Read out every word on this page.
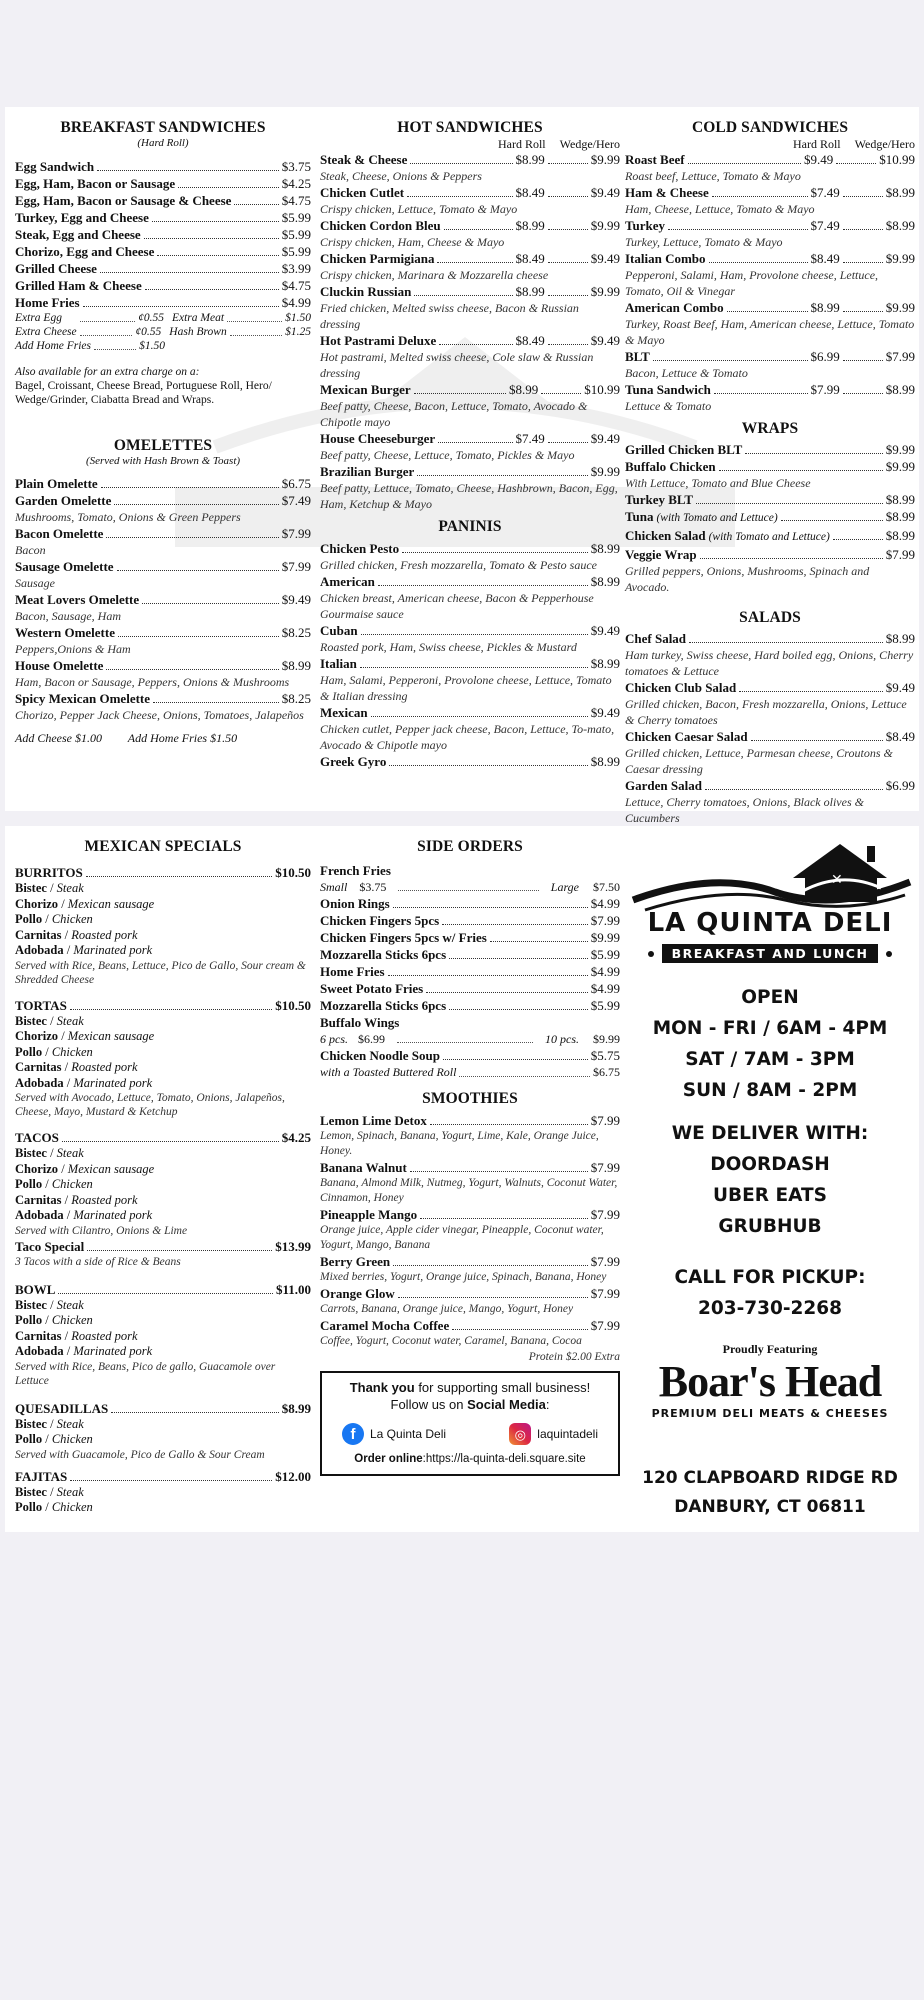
BREAKFAST SANDWICHES
(Hard Roll)
Egg Sandwich	$3.75
Egg, Ham, Bacon or Sausage	$4.25
Egg, Ham, Bacon or Sausage & Cheese	$4.75
Turkey, Egg and Cheese	$5.99
Steak, Egg and Cheese	$5.99
Chorizo, Egg and Cheese	$5.99
Grilled Cheese	$3.99
Grilled Ham & Cheese	$4.75
Home Fries	$4.99
Extra Egg	¢0.55 Extra Meat	$1.50
Extra Cheese	¢0.55 Hash Brown	$1.25
Add Home Fries	$1.50
Also available for an extra charge on a:
Bagel, Croissant, Cheese Bread, Portuguese Roll, Hero/ Wedge/Grinder, Ciabatta Bread and Wraps.
OMELETTES
(Served with Hash Brown & Toast)
Plain Omelette	$6.75
Garden Omelette	$7.49
Mushrooms, Tomato, Onions & Green Peppers
Bacon Omelette	$7.99
Bacon
Sausage Omelette	$7.99
Sausage
Meat Lovers Omelette	$9.49
Bacon, Sausage, Ham
Western Omelette	$8.25
Peppers,Onions & Ham
House Omelette	$8.99
Ham, Bacon or Sausage, Peppers, Onions & Mushrooms
Spicy Mexican Omelette	$8.25
Chorizo, Pepper Jack Cheese, Onions, Tomatoes, Jalapeños
Add Cheese $1.00 Add Home Fries $1.50
HOT SANDWICHES
Hard Roll Wedge/Hero
Steak & Cheese	$8.99	$9.99
Steak, Cheese, Onions & Peppers
Chicken Cutlet	$8.49	$9.49
Crispy chicken, Lettuce, Tomato & Mayo
Chicken Cordon Bleu	$8.99	$9.99
Crispy chicken, Ham, Cheese & Mayo
Chicken Parmigiana	$8.49	$9.49
Crispy chicken, Marinara & Mozzarella cheese
Cluckin Russian	$8.99	$9.99
Fried chicken, Melted swiss cheese, Bacon & Russian dressing
Hot Pastrami Deluxe	$8.49	$9.49
Hot pastrami, Melted swiss cheese, Cole slaw & Russian dressing
Mexican Burger	$8.99	$10.99
Beef patty, Cheese, Bacon, Lettuce, Tomato, Avocado & Chipotle mayo
House Cheeseburger	$7.49	$9.49
Beef patty, Cheese, Lettuce, Tomato, Pickles & Mayo
Brazilian Burger	$9.99
Beef patty, Lettuce, Tomato, Cheese, Hashbrown, Bacon, Egg, Ham, Ketchup & Mayo
PANINIS
Chicken Pesto	$8.99
Grilled chicken, Fresh mozzarella, Tomato & Pesto sauce
American	$8.99
Chicken breast, American cheese, Bacon & Pepperhouse Gourmaise sauce
Cuban	$9.49
Roasted pork, Ham, Swiss cheese, Pickles & Mustard
Italian	$8.99
Ham, Salami, Pepperoni, Provolone cheese, Lettuce, Tomato & Italian dressing
Mexican	$9.49
Chicken cutlet, Pepper jack cheese, Bacon, Lettuce, To-mato, Avocado & Chipotle mayo
Greek Gyro	$8.99
COLD SANDWICHES
Hard Roll Wedge/Hero
Roast Beef	$9.49	$10.99
Roast beef, Lettuce, Tomato & Mayo
Ham & Cheese	$7.49	$8.99
Ham, Cheese, Lettuce, Tomato & Mayo
Turkey	$7.49	$8.99
Turkey, Lettuce, Tomato & Mayo
Italian Combo	$8.49	$9.99
Pepperoni, Salami, Ham, Provolone cheese, Lettuce, Tomato, Oil & Vinegar
American Combo	$8.99	$9.99
Turkey, Roast Beef, Ham, American cheese, Lettuce, Tomato & Mayo
BLT	$6.99	$7.99
Bacon, Lettuce & Tomato
Tuna Sandwich	$7.99	$8.99
Lettuce & Tomato
WRAPS
Grilled Chicken BLT	$9.99
Buffalo Chicken	$9.99
With Lettuce, Tomato and Blue Cheese
Turkey BLT	$8.99
Tuna (with Tomato and Lettuce)	$8.99
Chicken Salad (with Tomato and Lettuce)	$8.99
Veggie Wrap	$7.99
Grilled peppers, Onions, Mushrooms, Spinach and Avocado.
SALADS
Chef Salad	$8.99
Ham turkey, Swiss cheese, Hard boiled egg, Onions, Cherry tomatoes & Lettuce
Chicken Club Salad	$9.49
Grilled chicken, Bacon, Fresh mozzarella, Onions, Lettuce & Cherry tomatoes
Chicken Caesar Salad	$8.49
Grilled chicken, Lettuce, Parmesan cheese, Croutons & Caesar dressing
Garden Salad	$6.99
Lettuce, Cherry tomatoes, Onions, Black olives & Cucumbers
MEXICAN SPECIALS
BURRITOS	$10.50
Bistec / Steak
Chorizo / Mexican sausage
Pollo / Chicken
Carnitas / Roasted pork
Adobada / Marinated pork
Served with Rice, Beans, Lettuce, Pico de Gallo, Sour cream & Shredded Cheese
TORTAS	$10.50
Bistec / Steak
Chorizo / Mexican sausage
Pollo / Chicken
Carnitas / Roasted pork
Adobada / Marinated pork
Served with Avocado, Lettuce, Tomato, Onions, Jalapeños, Cheese, Mayo, Mustard & Ketchup
TACOS	$4.25
Bistec / Steak
Chorizo / Mexican sausage
Pollo / Chicken
Carnitas / Roasted pork
Adobada / Marinated pork
Served with Cilantro, Onions & Lime
Taco Special	$13.99
3 Tacos with a side of Rice & Beans
BOWL	$11.00
Bistec / Steak
Pollo / Chicken
Carnitas / Roasted pork
Adobada / Marinated pork
Served with Rice, Beans, Pico de gallo, Guacamole over Lettuce
QUESADILLAS	$8.99
Bistec / Steak
Pollo / Chicken
Served with Guacamole, Pico de Gallo & Sour Cream
FAJITAS	$12.00
Bistec / Steak
Pollo / Chicken
SIDE ORDERS
French Fries
Small $3.75	Large $7.50
Onion Rings	$4.99
Chicken Fingers 5pcs	$7.99
Chicken Fingers 5pcs w/ Fries	$9.99
Mozzarella Sticks 6pcs	$5.99
Home Fries	$4.99
Sweet Potato Fries	$4.99
Mozzarella Sticks 6pcs	$5.99
Buffalo Wings
6 pcs. $6.99	10 pcs. $9.99
Chicken Noodle Soup	$5.75
with a Toasted Buttered Roll	$6.75
SMOOTHIES
Lemon Lime Detox	$7.99
Lemon, Spinach, Banana, Yogurt, Lime, Kale, Orange Juice, Honey.
Banana Walnut	$7.99
Banana, Almond Milk, Nutmeg, Yogurt, Walnuts, Coconut Water, Cinnamon, Honey
Pineapple Mango	$7.99
Orange juice, Apple cider vinegar, Pineapple, Coconut water, Yogurt, Mango, Banana
Berry Green	$7.99
Mixed berries, Yogurt, Orange juice, Spinach, Banana, Honey
Orange Glow	$7.99
Carrots, Banana, Orange juice, Mango, Yogurt, Honey
Caramel Mocha Coffee	$7.99
Coffee, Yogurt, Coconut water, Caramel, Banana, Cocoa
Protein $2.00 Extra
Thank you for supporting small business!
Follow us on Social Media:
f	La Quinta Deli	◎ laquintadeli
Order online:https://la-quinta-deli.square.site
✕
LA QUINTA DELI
BREAKFAST AND LUNCH
OPEN
MON - FRI / 6AM - 4PM
SAT / 7AM - 3PM
SUN / 8AM - 2PM
WE DELIVER WITH:
DOORDASH
UBER EATS
GRUBHUB
CALL FOR PICKUP:
203-730-2268
Proudly Featuring
Boar's Head
PREMIUM DELI MEATS & CHEESES
120 CLAPBOARD RIDGE RD
DANBURY, CT 06811
